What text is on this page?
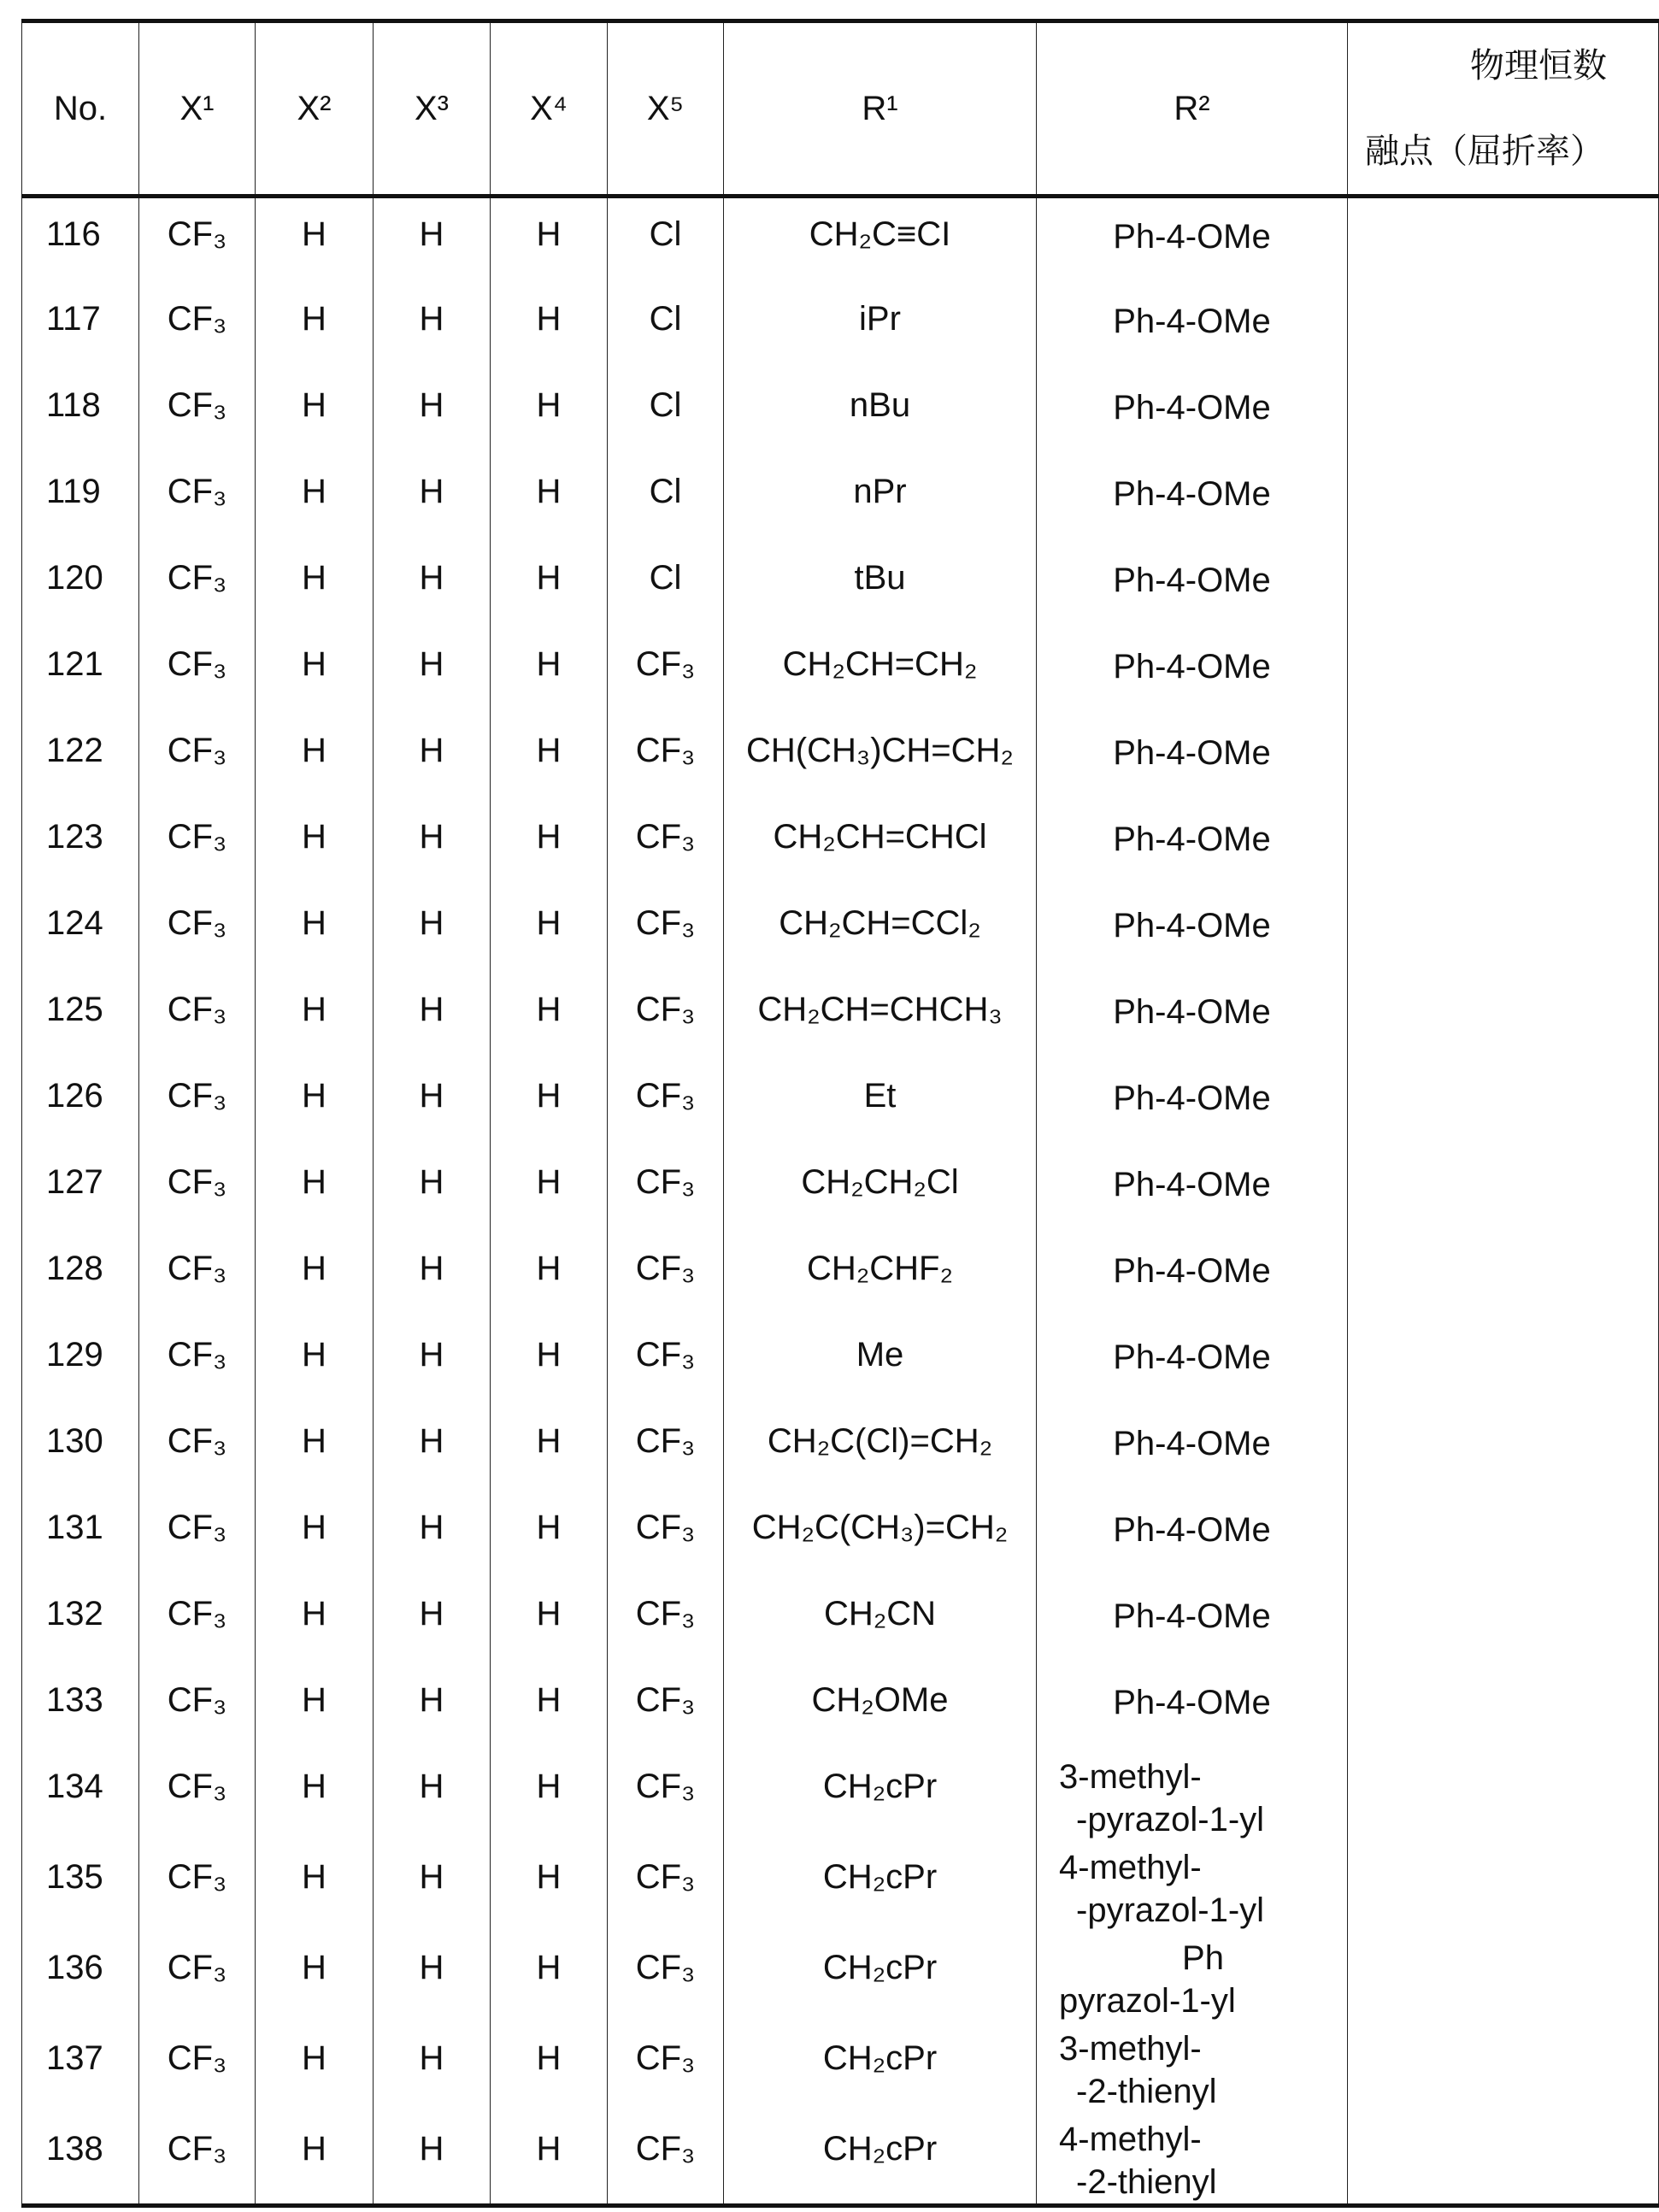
No.	X¹	X²	X³	X⁴	X⁵	R¹	R²	
物理恒数
融点（屈折率）
116	CF₃	H	H	H	Cl	CH₂C≡CI	Ph-4-OMe

117	CF₃	H	H	H	Cl	iPr	Ph-4-OMe

118	CF₃	H	H	H	Cl	nBu	Ph-4-OMe

119	CF₃	H	H	H	Cl	nPr	Ph-4-OMe

120	CF₃	H	H	H	Cl	tBu	Ph-4-OMe

121	CF₃	H	H	H	CF₃	CH₂CH=CH₂	Ph-4-OMe

122	CF₃	H	H	H	CF₃	CH(CH₃)CH=CH₂	Ph-4-OMe

123	CF₃	H	H	H	CF₃	CH₂CH=CHCl	Ph-4-OMe

124	CF₃	H	H	H	CF₃	CH₂CH=CCl₂	Ph-4-OMe

125	CF₃	H	H	H	CF₃	CH₂CH=CHCH₃	Ph-4-OMe

126	CF₃	H	H	H	CF₃	Et	Ph-4-OMe

127	CF₃	H	H	H	CF₃	CH₂CH₂Cl	Ph-4-OMe

128	CF₃	H	H	H	CF₃	CH₂CHF₂	Ph-4-OMe

129	CF₃	H	H	H	CF₃	Me	Ph-4-OMe

130	CF₃	H	H	H	CF₃	CH₂C(Cl)=CH₂	Ph-4-OMe

131	CF₃	H	H	H	CF₃	CH₂C(CH₃)=CH₂	Ph-4-OMe

132	CF₃	H	H	H	CF₃	CH₂CN	Ph-4-OMe

133	CF₃	H	H	H	CF₃	CH₂OMe	Ph-4-OMe

134	CF₃	H	H	H	CF₃	CH₂cPr	3-methyl-
-pyrazol-1-yl

135	CF₃	H	H	H	CF₃	CH₂cPr	4-methyl-
-pyrazol-1-yl

136	CF₃	H	H	H	CF₃	CH₂cPr	Ph
pyrazol-1-yl

137	CF₃	H	H	H	CF₃	CH₂cPr	3-methyl-
-2-thienyl

138	CF₃	H	H	H	CF₃	CH₂cPr	4-methyl-
-2-thienyl
